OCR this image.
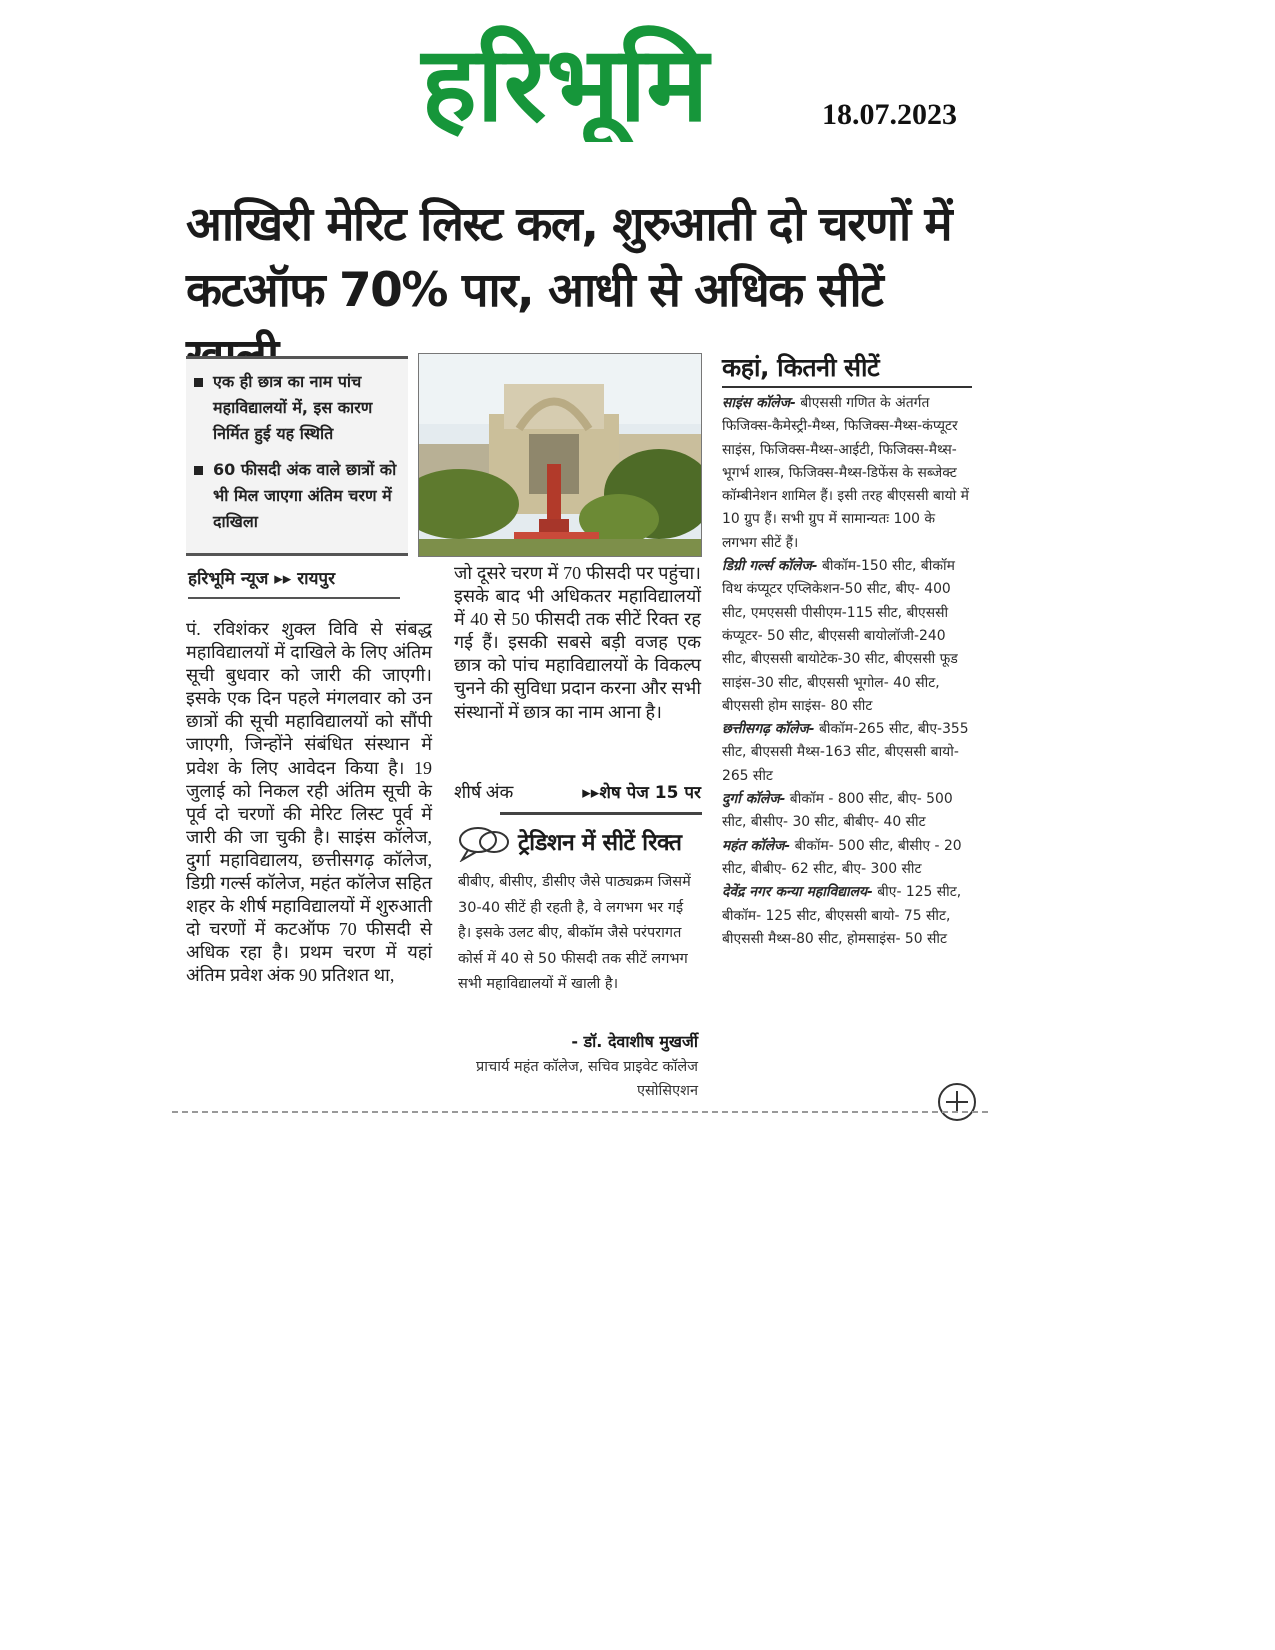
हरिभूमि	18.07.2023
आखिरी मेरिट लिस्ट कल, शुरुआती दो चरणों में
कटऑफ 70% पार, आधी से अधिक सीटें
एक ही छात्र का नाम पांच महाविद्यालयों में, इस कारण निर्मित हुई यह स्थिति
60 फीसदी अंक वाले छात्रों को भी मिल जाएगा अंतिम चरण में दाखिला
हरिभूमि न्यूज ▸▸ रायपुर
पं. रविशंकर शुक्ल विवि से संबद्ध महाविद्यालयों में दाखिले के लिए अंतिम सूची बुधवार को जारी की जाएगी। इसके एक दिन पहले मंगलवार को उन छात्रों की सूची महाविद्यालयों को सौंपी जाएगी, जिन्होंने संबंधित संस्थान में प्रवेश के लिए आवेदन किया है। 19 जुलाई को निकल रही अंतिम सूची के पूर्व दो चरणों की मेरिट लिस्ट पूर्व में जारी की जा चुकी है। साइंस कॉलेज, दुर्गा महाविद्यालय, छत्तीसगढ़ कॉलेज, डिग्री गर्ल्स कॉलेज, महंत कॉलेज सहित शहर के शीर्ष महाविद्यालयों में शुरुआती दो चरणों में कटऑफ 70 फीसदी से अधिक रहा है। प्रथम चरण में यहां अंतिम प्रवेश अंक 90 प्रतिशत था,
जो दूसरे चरण में 70 फीसदी पर पहुंचा। इसके बाद भी अधिकतर महाविद्यालयों में 40 से 50 फीसदी तक सीटें रिक्त रह गई हैं। इसकी सबसे बड़ी वजह एक छात्र को पांच महाविद्यालयों के विकल्प चुनने की सुविधा प्रदान करना और सभी संस्थानों में छात्र का नाम आना है।
शीर्ष अंक	▸▸शेष पेज 15 पर
ट्रेडिशन में सीटें रिक्त
बीबीए, बीसीए, डीसीए जैसे पाठ्यक्रम जिसमें 30-40 सीटें ही रहती है, वे लगभग भर गई है। इसके उलट बीए, बीकॉम जैसे परंपरागत कोर्स में 40 से 50 फीसदी तक सीटें लगभग सभी महाविद्यालयों में खाली है।
- डॉ. देवाशीष मुखर्जी
प्राचार्य महंत कॉलेज, सचिव प्राइवेट कॉलेज एसोसिएशन
कहां, कितनी सीटें
साइंस कॉलेज- बीएससी गणित के अंतर्गत फिजिक्स-कैमेस्ट्री-मैथ्स, फिजिक्स-मैथ्स-कंप्यूटर साइंस, फिजिक्स-मैथ्स-आईटी, फिजिक्स-मैथ्स-भूगर्भ शास्त्र, फिजिक्स-मैथ्स-डिफेंस के सब्जेक्ट कॉम्बीनेशन शामिल हैं। इसी तरह बीएससी बायो में 10 ग्रुप हैं। सभी ग्रुप में सामान्यतः 100 के लगभग सीटें हैं।
डिग्री गर्ल्स कॉलेज- बीकॉम-150 सीट, बीकॉम विथ कंप्यूटर एप्लिकेशन-50 सीट, बीए- 400 सीट, एमएससी पीसीएम-115 सीट, बीएससी कंप्यूटर- 50 सीट, बीएससी बायोलॉजी-240 सीट, बीएससी बायोटेक-30 सीट, बीएससी फूड साइंस-30 सीट, बीएससी भूगोल- 40 सीट, बीएससी होम साइंस- 80 सीट
छत्तीसगढ़ कॉलेज- बीकॉम-265 सीट, बीए-355 सीट, बीएससी मैथ्स-163 सीट, बीएससी बायो- 265 सीट
दुर्गा कॉलेज- बीकॉम - 800 सीट, बीए- 500 सीट, बीसीए- 30 सीट, बीबीए- 40 सीट
महंत कॉलेज- बीकॉम- 500 सीट, बीसीए - 20 सीट, बीबीए- 62 सीट, बीए- 300 सीट
देवेंद्र नगर कन्या महाविद्यालय- बीए- 125 सीट, बीकॉम- 125 सीट, बीएससी बायो- 75 सीट, बीएससी मैथ्स-80 सीट, होमसाइंस- 50 सीट
